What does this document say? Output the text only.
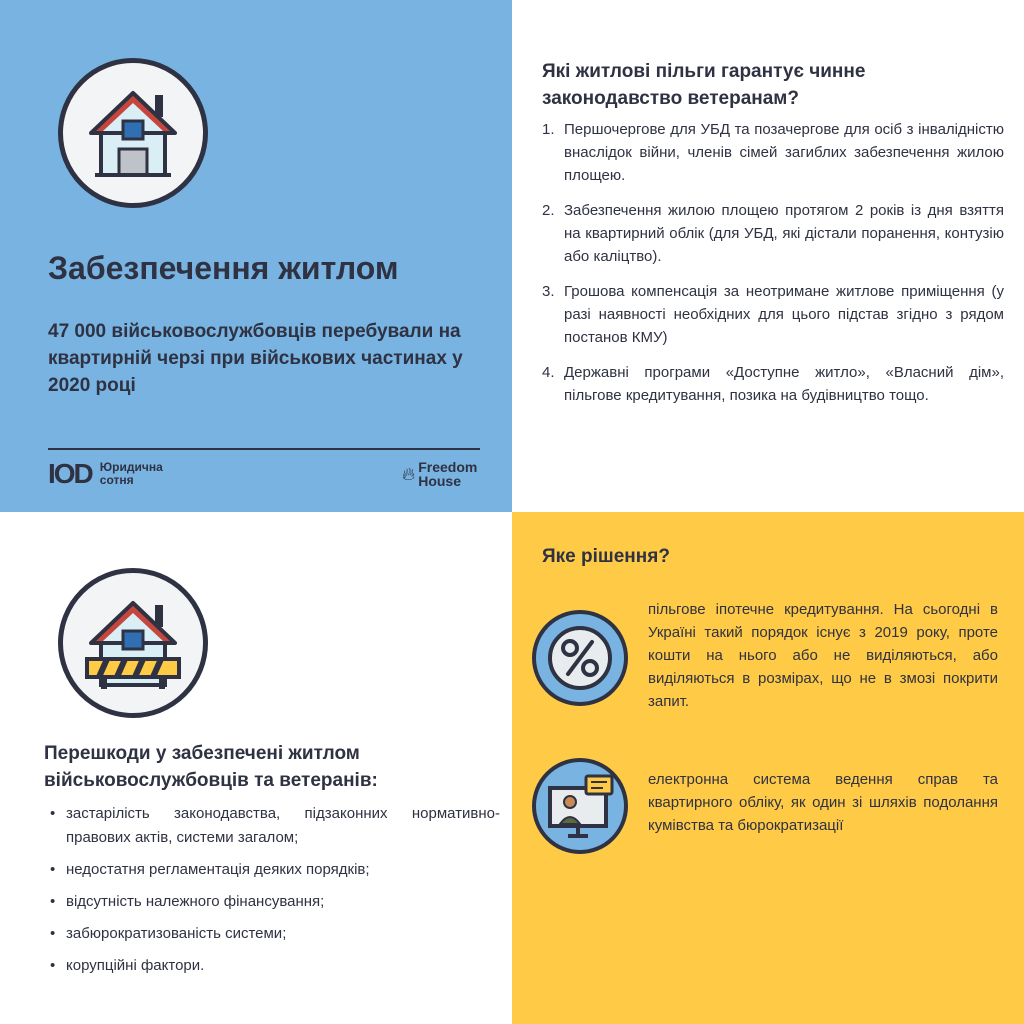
Забезпечення житлом

47 000 військовослужбовців перебували на квартирній черзі при військових частинах у 2020 році

IOD Юридична
сотня	🔥︎ Freedom
House
Які житлові пільги гарантує чинне законодавство ветеранам?
1. Першочергове для УБД та позачергове для осіб з інвалідністю внаслідок війни, членів сімей загиблих забезпечення жилою площею.
2. Забезпечення жилою площею протягом 2 років із дня взяття на квартирний облік (для УБД, які дістали поранення, контузію або каліцтво).
3. Грошова компенсація за неотримане житлове приміщення (у разі наявності необхідних для цього підстав згідно з рядом постанов КМУ)
4. Державні програми «Доступне житло», «Власний дім», пільгове кредитування, позика на будівництво тощо.
Перешкоди у забезпечені житлом військовослужбовців та ветеранів:
• застарілість законодавства, підзаконних нормативно-правових актів, системи загалом;
• недостатня регламентація деяких порядків;
• відсутність належного фінансування;
• забюрократизованість системи;
• корупційні фактори.
Яке рішення?

пільгове іпотечне кредитування. На сьогодні в Україні такий порядок існує з 2019 року, проте кошти на нього або не виділяються, або виділяються в розмірах, що не в змозі покрити запит.

електронна система ведення справ та квартирного обліку, як один зі шляхів подолання кумівства та бюрократизації
